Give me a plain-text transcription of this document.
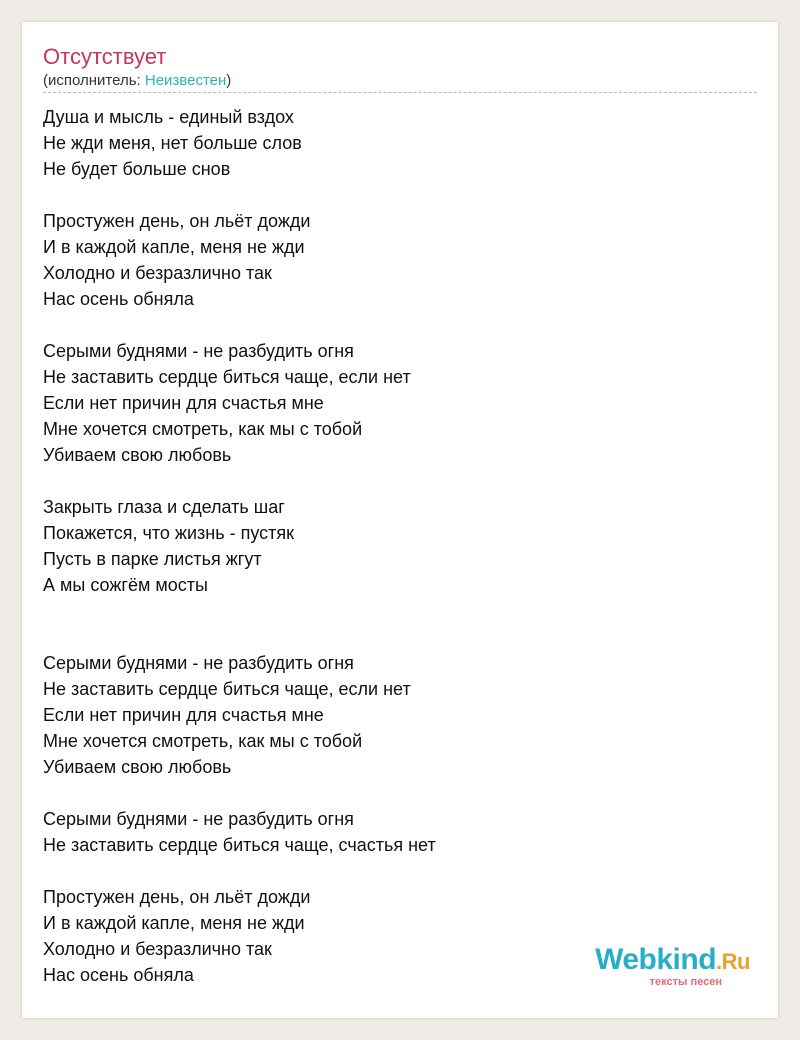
Отсутствует
(исполнитель: Неизвестен)
Душа и мысль - единый вздох
Не жди меня, нет больше слов
Не будет больше снов
Простужен день, он льёт дожди
И в каждой капле, меня не жди
Холодно и безразлично так
Нас осень обняла
Серыми буднями - не разбудить огня
Не заставить сердце биться чаще, если нет
Если нет причин для счастья мне
Мне хочется смотреть, как мы с тобой
Убиваем свою любовь
Закрыть глаза и сделать шаг
Покажется, что жизнь - пустяк
Пусть в парке листья жгут
А мы сожгём мосты
Серыми буднями - не разбудить огня
Не заставить сердце биться чаще, если нет
Если нет причин для счастья мне
Мне хочется смотреть, как мы с тобой
Убиваем свою любовь
Серыми буднями - не разбудить огня
Не заставить сердце биться чаще, счастья нет
Простужен день, он льёт дожди
И в каждой капле, меня не жди
Холодно и безразлично так
Нас осень обняла	Webkind.Ru
тексты песен
